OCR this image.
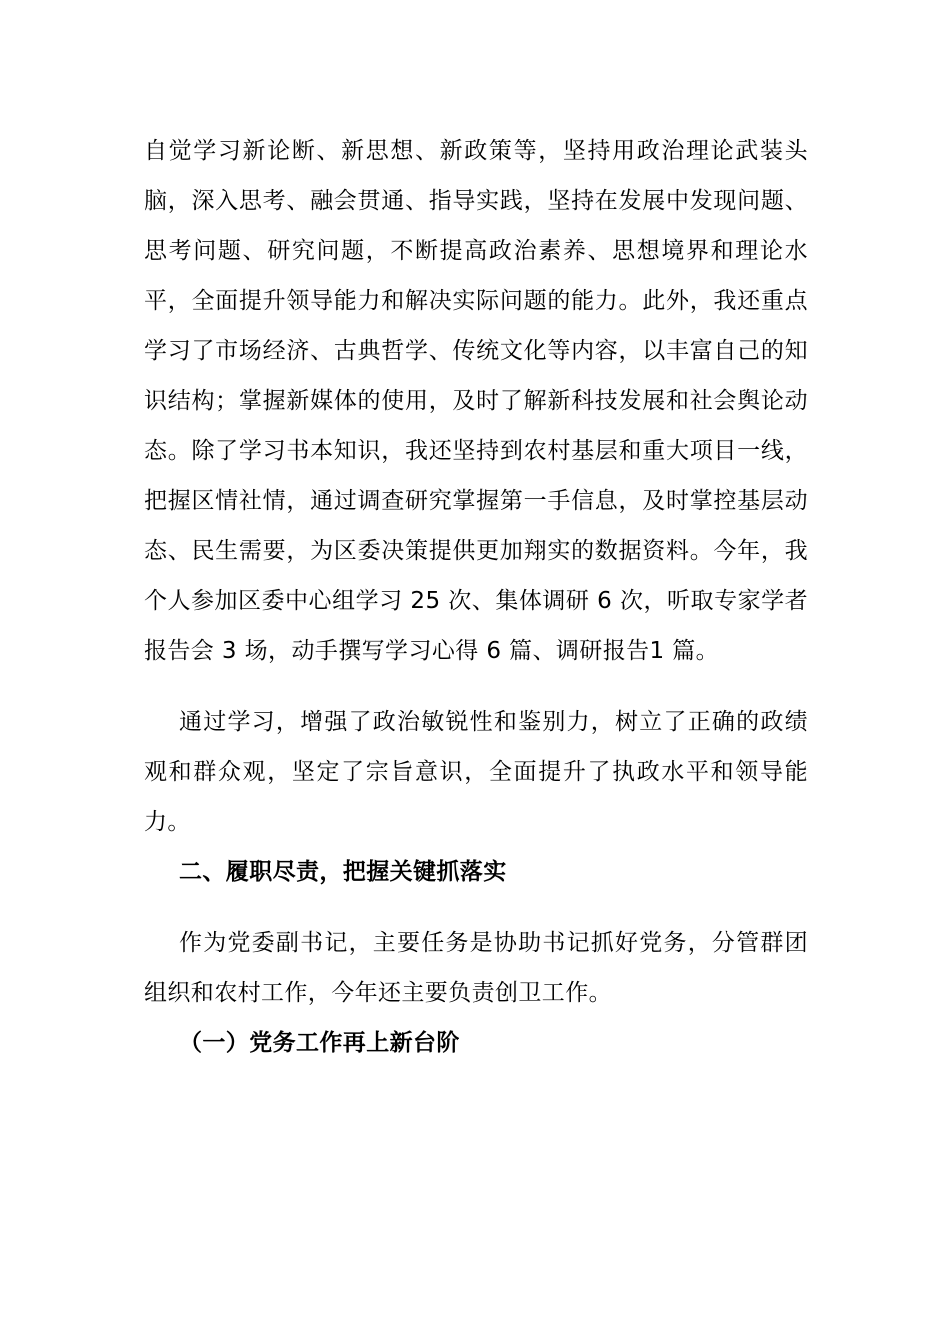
自觉学习新论断、新思想、新政策等，坚持用政治理论武装头脑，深入思考、融会贯通、指导实践，坚持在发展中发现问题、思考问题、研究问题，不断提高政治素养、思想境界和理论水平，全面提升领导能力和解决实际问题的能力。此外，我还重点学习了市场经济、古典哲学、传统文化等内容，以丰富自己的知识结构；掌握新媒体的使用，及时了解新科技发展和社会舆论动态。除了学习书本知识，我还坚持到农村基层和重大项目一线，把握区情社情，通过调查研究掌握第一手信息，及时掌控基层动态、民生需要，为区委决策提供更加翔实的数据资料。今年，我个人参加区委中心组学习 25 次、集体调研 6 次，听取专家学者报告会 3 场，动手撰写学习心得 6 篇、调研报告1 篇。

通过学习，增强了政治敏锐性和鉴别力，树立了正确的政绩观和群众观，坚定了宗旨意识，全面提升了执政水平和领导能力。

二、履职尽责，把握关键抓落实

作为党委副书记，主要任务是协助书记抓好党务，分管群团组织和农村工作，今年还主要负责创卫工作。

（一）党务工作再上新台阶
